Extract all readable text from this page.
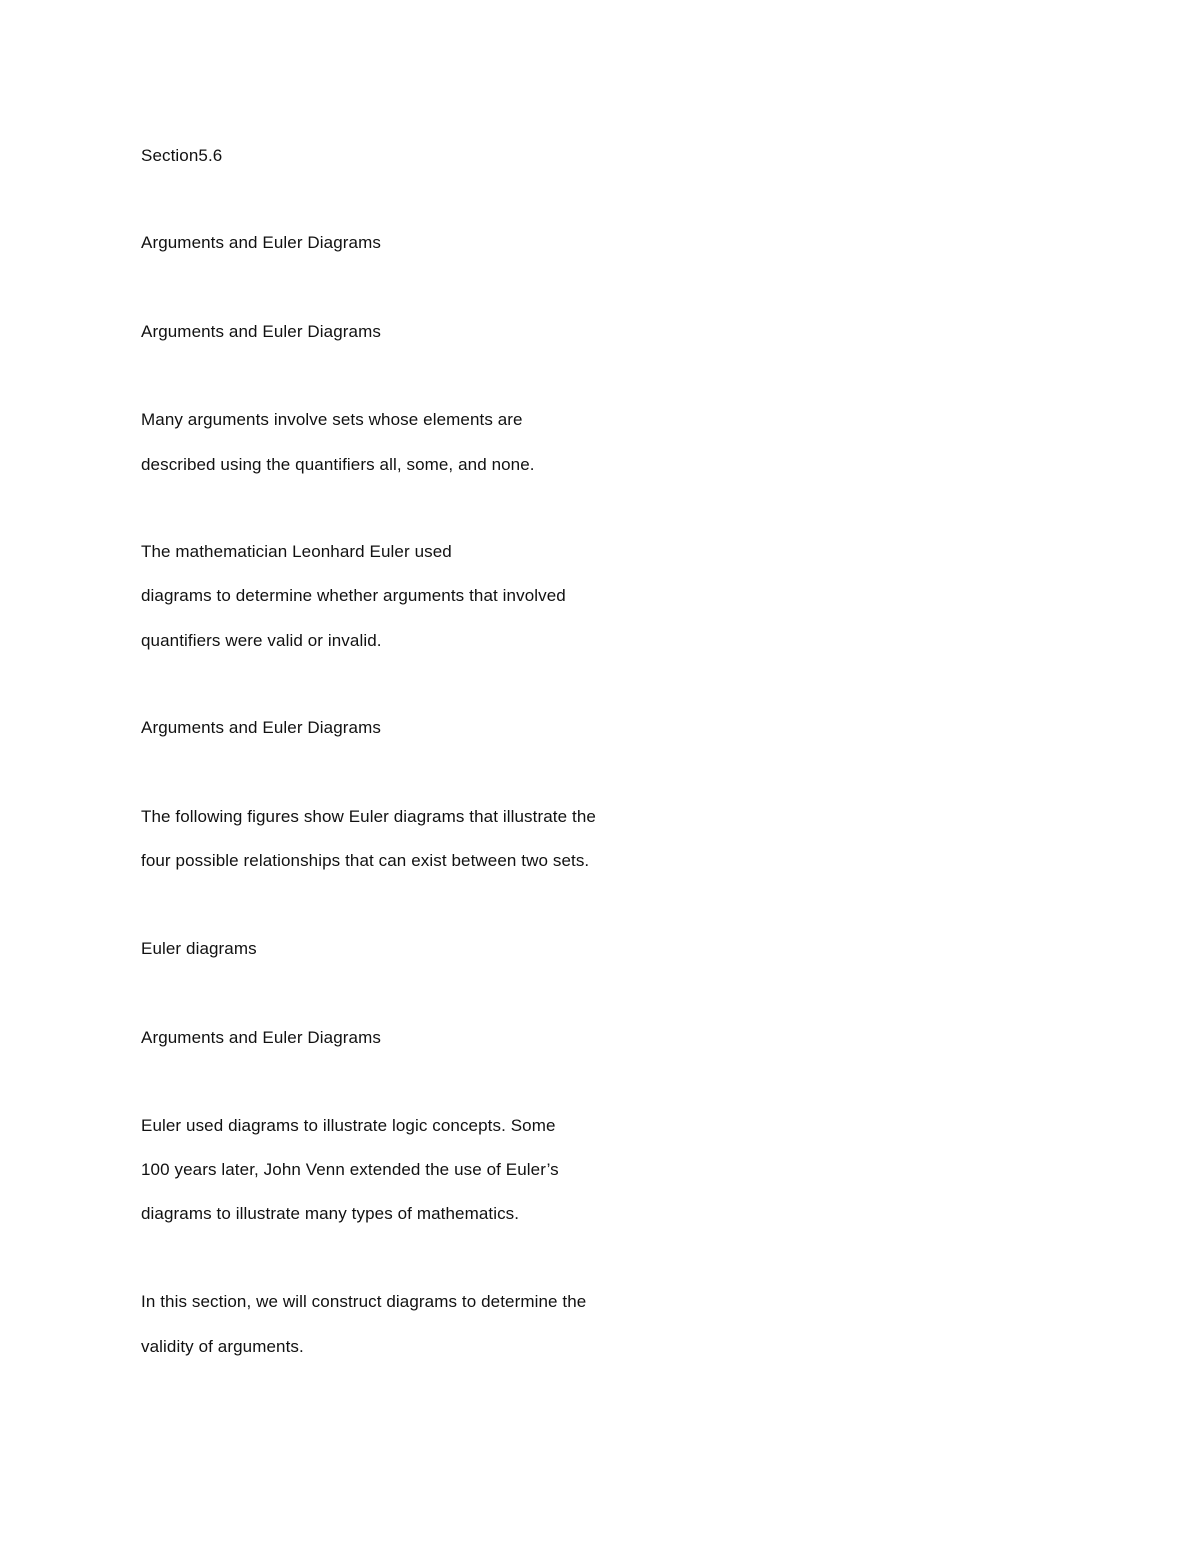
Section5.6

Arguments and Euler Diagrams

Arguments and Euler Diagrams

Many arguments involve sets whose elements are

described using the quantifiers all, some, and none.

The mathematician Leonhard Euler used

diagrams to determine whether arguments that involved

quantifiers were valid or invalid.

Arguments and Euler Diagrams

The following figures show Euler diagrams that illustrate the

four possible relationships that can exist between two sets.

Euler diagrams

Arguments and Euler Diagrams

Euler used diagrams to illustrate logic concepts. Some

100 years later, John Venn extended the use of Euler’s

diagrams to illustrate many types of mathematics.

In this section, we will construct diagrams to determine the

validity of arguments.
